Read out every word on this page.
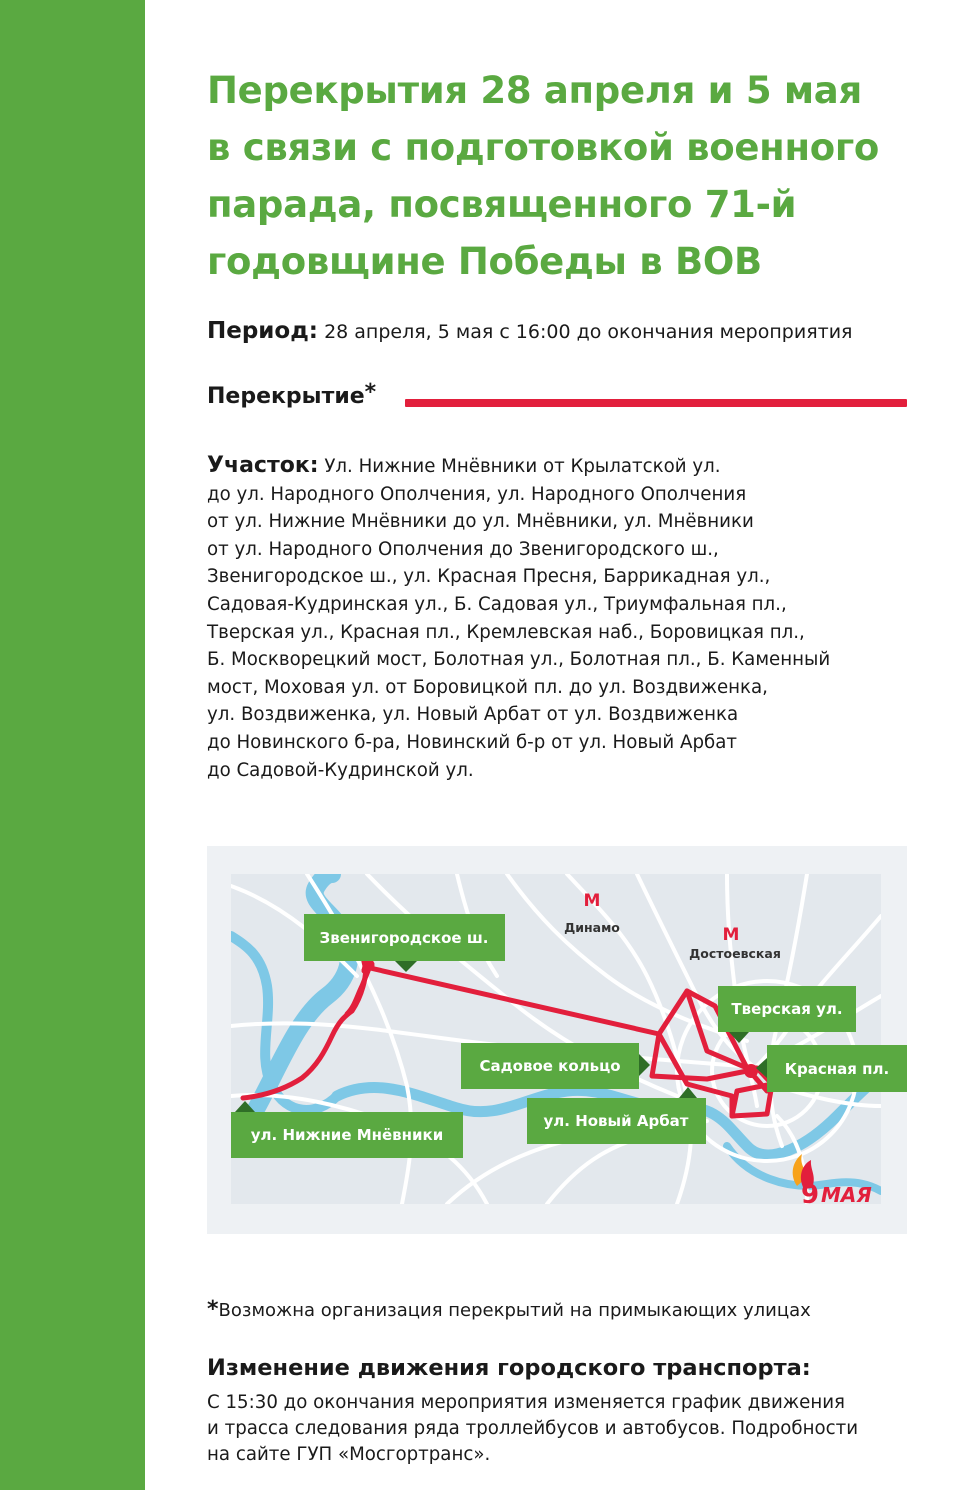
Перекрытия 28 апреля и 5 мая
в связи с подготовкой военного
парада, посвященного 71-й
годовщине Победы в ВОВ
Период: 28 апреля, 5 мая с 16:00 до окончания мероприятия
Перекрытие*
Участок: Ул. Нижние Мнёвники от Крылатской ул.
до ул. Народного Ополчения, ул. Народного Ополчения
от ул. Нижние Мнёвники до ул. Мнёвники, ул. Мнёвники
от ул. Народного Ополчения до Звенигородского ш.,
Звенигородское ш., ул. Красная Пресня, Баррикадная ул.,
Садовая-Кудринская ул., Б. Садовая ул., Триумфальная пл.,
Тверская ул., Красная пл., Кремлевская наб., Боровицкая пл.,
Б. Москворецкий мост, Болотная ул., Болотная пл., Б. Каменный
мост, Моховая ул. от Боровицкой пл. до ул. Воздвиженка,
ул. Воздвиженка, ул. Новый Арбат от ул. Воздвиженка
до Новинского б-ра, Новинский б-р от ул. Новый Арбат
до Садовой-Кудринской ул.
М
Динамо	М
Достоевская
Звенигородское ш.
Тверская ул.
Садовое кольцо	Красная пл.
ул. Новый Арбат
ул. Нижние Мнёвники
9 МАЯ
*Возможна организация перекрытий на примыкающих улицах
Изменение движения городского транспорта:
С 15:30 до окончания мероприятия изменяется график движения
и трасса следования ряда троллейбусов и автобусов. Подробности
на сайте ГУП «Мосгортранс».
